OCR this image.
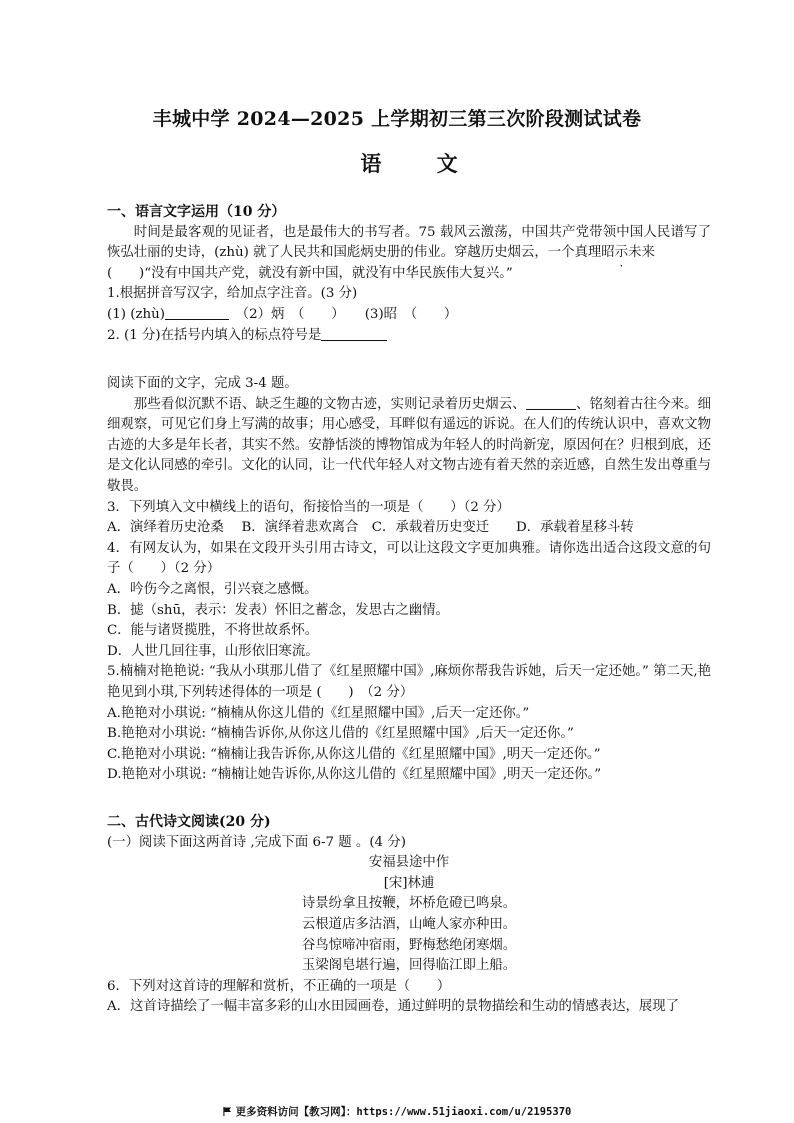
丰城中学 2024—2025 上学期初三第三次阶段测试试卷
语 文

一、语言文字运用（10 分）

时间是最客观的见证者，也是最伟大的书写者。75 载风云激荡，中国共产党带领中国人民谱写了恢弘壮丽的史诗，(zhù) 就了人民共和国彪炳史册的伟业。穿越历史烟云，一个真理昭示未来

(　　)“没有中国共产党，就没有新中国，就没有中华民族伟大复兴。”

1.根据拼音写汉字，给加点字注音。(3 分)

(1) (zhù)　	（2）炳　（　　）　　 (3)昭　（　　）

2. (1 分)在括号内填入的标点符号是

阅读下面的文字，完成 3-4 题。

那些看似沉默不语、缺乏生趣的文物古迹，实则记录着历史烟云、	、铭刻着古往今来。细细观察，可见它们身上写满的故事；用心感受，耳畔似有遥远的诉说。在人们的传统认识中，喜欢文物古迹的大多是年长者，其实不然。安静恬淡的博物馆成为年轻人的时尚新宠，原因何在？归根到底，还是文化认同感的牵引。文化的认同，让一代代年轻人对文物古迹有着天然的亲近感，自然生发出尊重与敬畏。

3．下列填入文中横线上的语句，衔接恰当的一项是（　　）（2 分）

A．演绎着历史沧桑　 B．演绎着悲欢离合　C．承载着历史变迁　　D．承载着星移斗转

4．有网友认为，如果在文段开头引用古诗文，可以让这段文字更加典雅。请你选出适合这段文意的句子（　　）（2 分）

A．吟伤今之离恨，引兴衰之感慨。

B．摅（shū，表示：发表）怀旧之蓄念，发思古之幽情。

C．能与诸贤揽胜，不将世故系怀。

D．人世几回往事，山形依旧寒流。

5.楠楠对艳艳说: “我从小琪那儿借了《红星照耀中国》,麻烦你帮我告诉她，后天一定还她。” 第二天,艳艳见到小琪,下列转述得体的一项是 (　　)　（2 分）

A.艳艳对小琪说: “楠楠从你这儿借的《红星照耀中国》,后天一定还你。”

B.艳艳对小琪说: “楠楠告诉你,从你这儿借的《红星照耀中国》,后天一定还你。”

C.艳艳对小琪说: “楠楠让我告诉你,从你这儿借的《红星照耀中国》,明天一定还你。”

D.艳艳对小琪说: “楠楠让她告诉你,从你这儿借的《红星照耀中国》,明天一定还你。”

二、古代诗文阅读(20 分)

(一）阅读下面这两首诗 ,完成下面 6-7 题 。(4 分)

安福县途中作

[宋]林逋

诗景纷拿且按鞭，坏桥危磴已鸣泉。

云根道店多沽酒，山崦人家亦种田。

谷鸟惊啼冲宿雨，野梅愁绝闭寒烟。

玉梁阁皂堪行遍，回得临江即上船。

6．下列对这首诗的理解和赏析，不正确的一项是（　　）

A．这首诗描绘了一幅丰富多彩的山水田园画卷，通过鲜明的景物描绘和生动的情感表达，展现了

更多资料访问【教习网】：https://www.51jiaoxi.com/u/2195370
